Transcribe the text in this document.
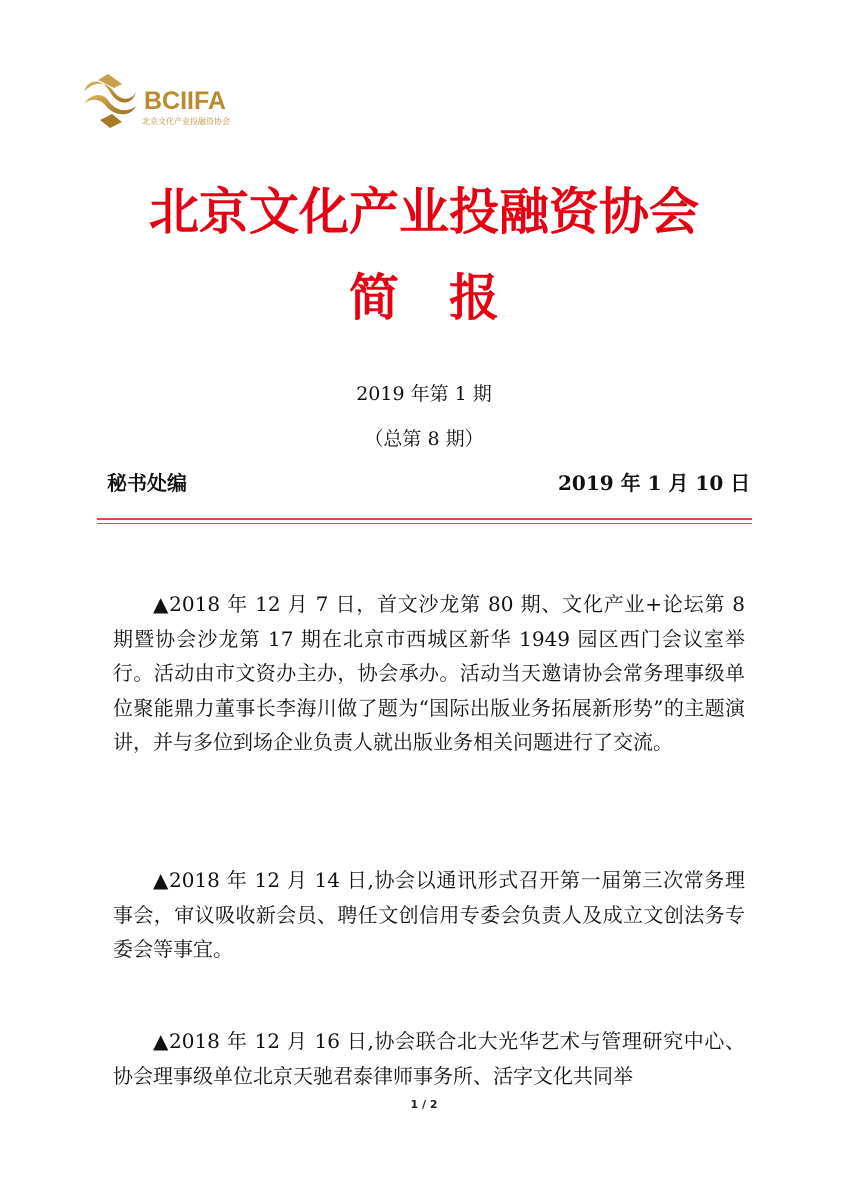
BCIIFA
北京文化产业投融资协会
北京文化产业投融资协会
简报
2019 年第 1 期
（总第 8 期）
秘书处编	2019 年 1 月 10 日

▲2018 年 12 月 7 日，首文沙龙第 80 期、文化产业+论坛第 8 期暨协会沙龙第 17 期在北京市西城区新华 1949 园区西门会议室举行。活动由市文资办主办，协会承办。活动当天邀请协会常务理事级单位聚能鼎力董事长李海川做了题为“国际出版业务拓展新形势”的主题演讲，并与多位到场企业负责人就出版业务相关问题进行了交流。

▲2018 年 12 月 14 日,协会以通讯形式召开第一届第三次常务理事会，审议吸收新会员、聘任文创信用专委会负责人及成立文创法务专委会等事宜。

▲2018 年 12 月 16 日,协会联合北大光华艺术与管理研究中心、协会理事级单位北京天驰君泰律师事务所、活字文化共同举

1 / 2
